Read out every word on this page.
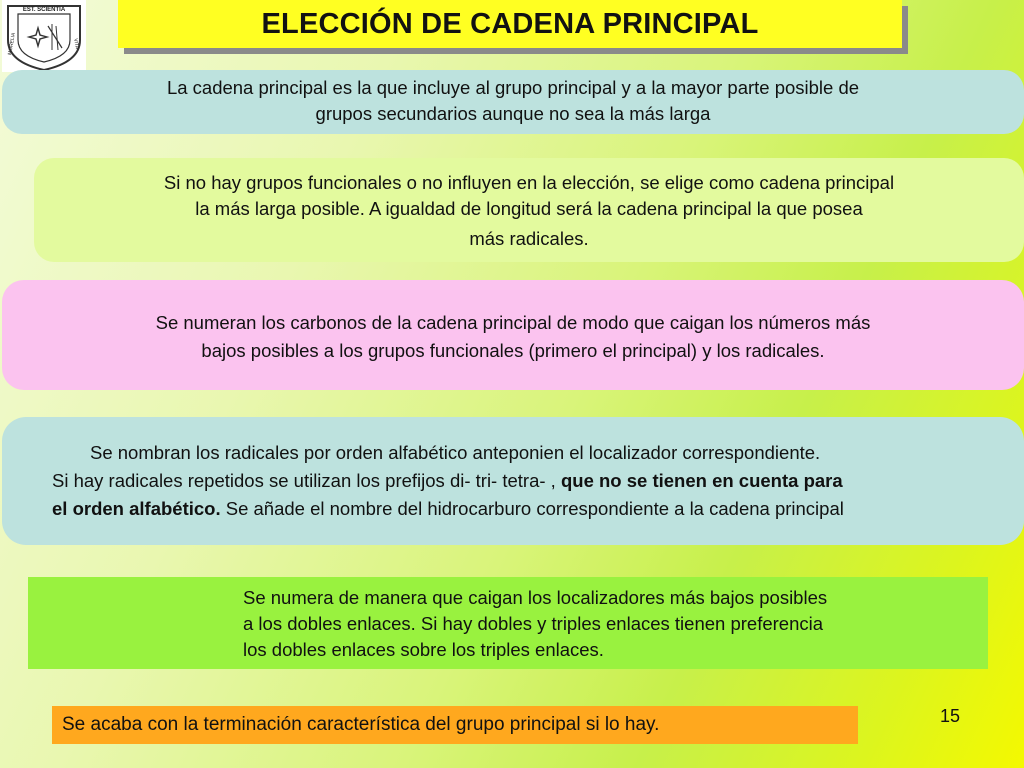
EST. SCIENTIA
MORELIA	VITA
ELECCIÓN DE CADENA PRINCIPAL
La cadena principal es la que incluye al grupo principal y a la mayor parte posible de
grupos secundarios aunque no sea la más larga
Si no hay grupos funcionales o no influyen en la elección, se elige como cadena principal
la más larga posible. A igualdad de longitud será la cadena principal la que posea
más radicales.
Se numeran los carbonos de la cadena principal de modo que caigan los números más
bajos posibles a los grupos funcionales (primero el principal) y los radicales.
Se nombran los radicales por orden alfabético anteponien el localizador correspondiente.
Si hay radicales repetidos se utilizan los prefijos di- tri- tetra- , que no se tienen en cuenta para
el orden alfabético. Se añade el nombre del hidrocarburo correspondiente a la cadena principal
Se numera de manera que caigan los localizadores más bajos posibles
a los dobles enlaces. Si hay dobles y triples enlaces tienen preferencia
los dobles enlaces sobre los triples enlaces.
Se acaba con la terminación característica del grupo principal si lo hay.	15
